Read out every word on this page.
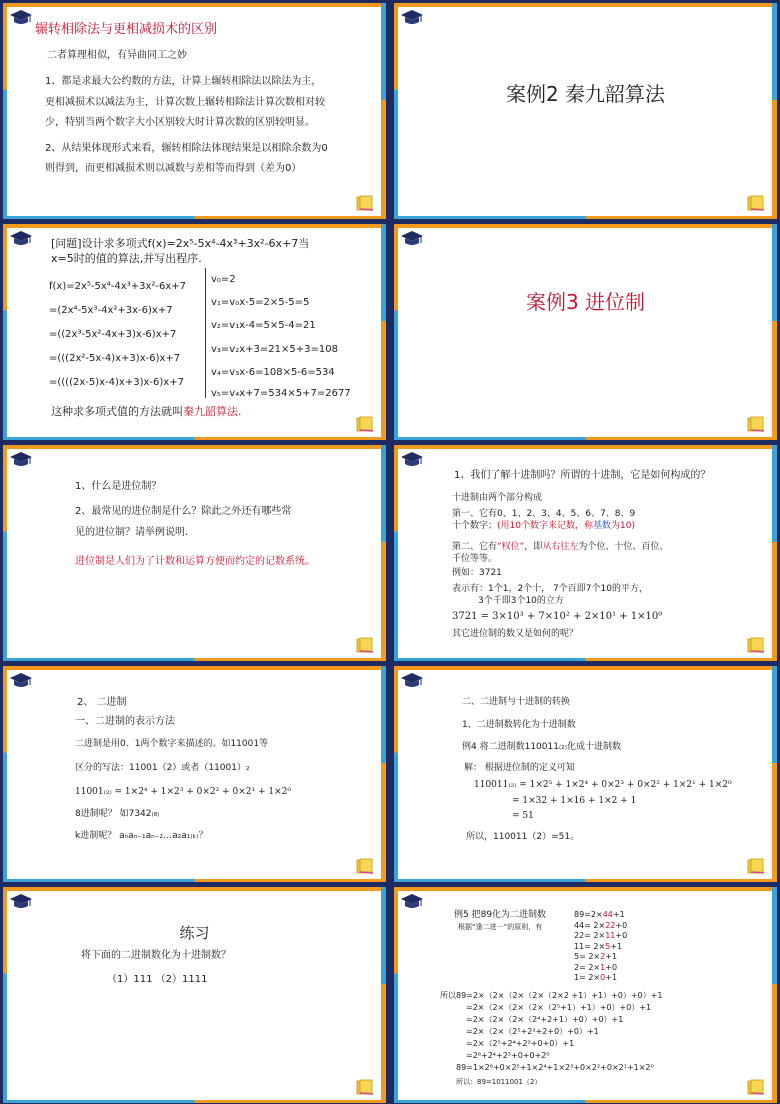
辗转相除法与更相减损术的区别
二者算理相似，有异曲同工之妙
1、都是求最大公约数的方法，计算上辗转相除法以除法为主，
更相减损术以减法为主，计算次数上辗转相除法计算次数相对较
少，特别当两个数字大小区别较大时计算次数的区别较明显。
2、从结果体现形式来看，辗转相除法体现结果是以相除余数为0
则得到，而更相减损术则以减数与差相等而得到（差为0）
案例2 秦九韶算法
[问题]设计求多项式f(x)=2x⁵-5x⁴-4x³+3x²-6x+7当
x=5时的值的算法,并写出程序.
f(x)=2x⁵-5x⁴-4x³+3x²-6x+7
=(2x⁴-5x³-4x²+3x-6)x+7
=((2x³-5x²-4x+3)x-6)x+7
=(((2x²-5x-4)x+3)x-6)x+7
=((((2x-5)x-4)x+3)x-6)x+7
v₀=2
v₁=v₀x-5=2×5-5=5
v₂=v₁x-4=5×5-4=21
v₃=v₂x+3=21×5+3=108
v₄=v₃x-6=108×5-6=534
v₅=v₄x+7=534×5+7=2677
这种求多项式值的方法就叫秦九韶算法.
案例3 进位制
1、什么是进位制？
2、最常见的进位制是什么？除此之外还有哪些常
见的进位制？请举例说明.
进位制是人们为了计数和运算方便而约定的记数系统。
1、我们了解十进制吗？所谓的十进制，它是如何构成的？
十进制由两个部分构成
第一、它有0、1、2、3、4、5、6、7、8、9
十个数字；(用10个数字来记数，称基数为10)
第二、它有“权位”，即从右往左为个位、十位、百位、
千位等等。
例如：3721
表示有：1个1，2个十， 7个百即7个10的平方，
3个千即3个10的立方
3721 = 3×10³ + 7×10² + 2×10¹ + 1×10⁰
其它进位制的数又是如何的呢？
2、 二进制
一、二进制的表示方法
二进制是用0、1两个数字来描述的。如11001等
区分的写法：11001（2）或者（11001）₂
11001₍₂₎ = 1×2⁴ + 1×2³ + 0×2² + 0×2¹ + 1×2⁰
8进制呢？ 如7342₍₈₎
k进制呢？ aₙaₙ₋₁aₙ₋₂…a₂a₁₍ₖ₎？
二、二进制与十进制的转换
1、二进制数转化为十进制数
例4 将二进制数110011₍₂₎化成十进制数
解： 根据进位制的定义可知
110011₍₂₎ = 1×2⁵ + 1×2⁴ + 0×2³ + 0×2² + 1×2¹ + 1×2⁰
= 1×32 + 1×16 + 1×2 + 1
= 51
所以，110011（2）=51。
练习
将下面的二进制数化为十进制数？
（1）111 （2）1111
例5 把89化为二进制数
根据“逢二进一”的原则，有
89=2×44+1
44= 2×22+0
22= 2×11+0
11= 2×5+1
5= 2×2+1
2= 2×1+0
1= 2×0+1
所以89=2×（2×（2×（2×（2×2 +1）+1）+0）+0）+1
=2×（2×（2×（2×（2⁵+1）+1）+0）+0）+1
=2×（2×（2×（2⁴+2+1）+0）+0）+1
=2×（2×（2⁵+2²+2+0）+0）+1
=2×（2⁵+2⁴+2²+0+0）+1
=2⁶+2⁴+2³+0+0+2⁰
89=1×2⁶+0×2⁵+1×2⁴+1×2³+0×2²+0×2¹+1×2⁰
所以：89=1011001（2）
